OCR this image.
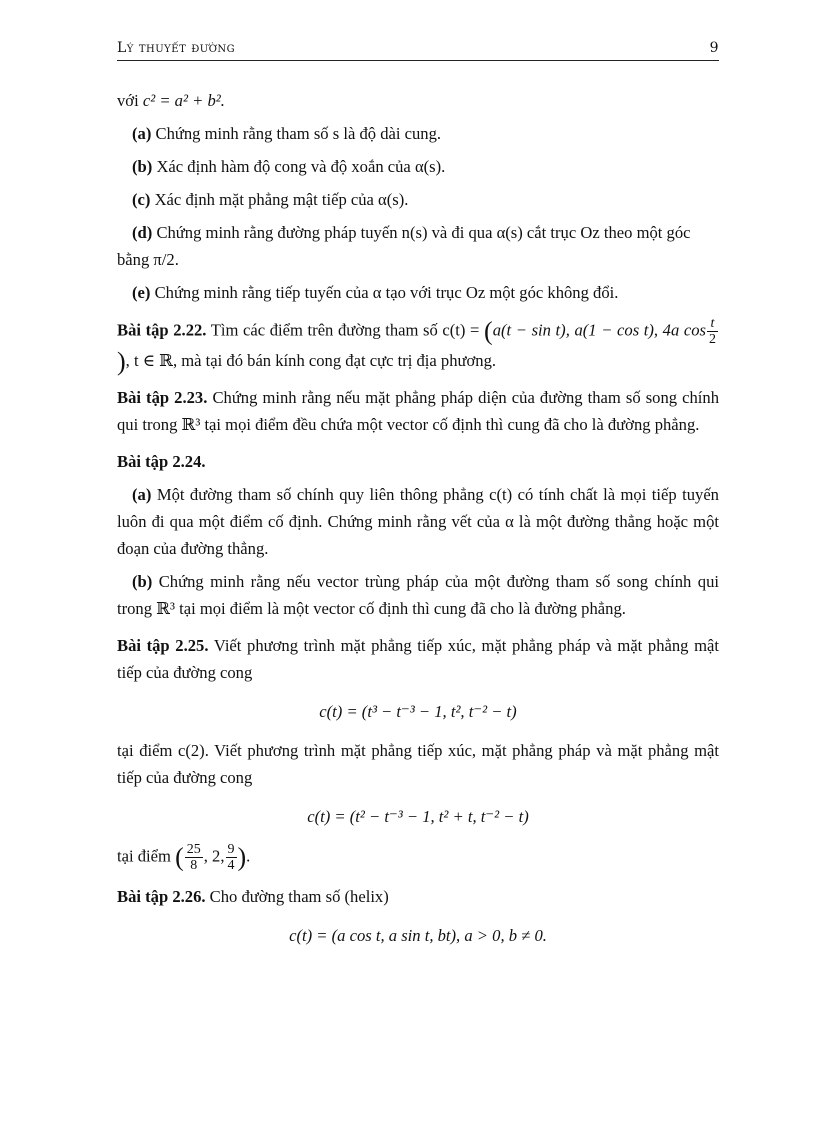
Lý thuyết đường	9

với c² = a² + b².

(a) Chứng minh rằng tham số s là độ dài cung.

(b) Xác định hàm độ cong và độ xoắn của α(s).

(c) Xác định mặt phẳng mật tiếp của α(s).

(d) Chứng minh rằng đường pháp tuyến n(s) và đi qua α(s) cắt trục Oz theo một góc bằng π/2.

(e) Chứng minh rằng tiếp tuyến của α tạo với trục Oz một góc không đổi.

Bài tập 2.22. Tìm các điểm trên đường tham số c(t) = (a(t − sin t), a(1 − cos t), 4a $\cos \frac{t}{2}$
), t ∈ ℝ, mà tại đó bán kính cong đạt cực trị địa phương.

Bài tập 2.23. Chứng minh rằng nếu mặt phẳng pháp diện của đường tham số song chính qui trong ℝ³ tại mọi điểm đều chứa một vector cố định thì cung đã cho là đường phẳng.

Bài tập 2.24.

(a) Một đường tham số chính quy liên thông phẳng c(t) có tính chất là mọi tiếp tuyến luôn đi qua một điểm cố định. Chứng minh rằng vết của α là một đường thẳng hoặc một đoạn của đường thẳng.

(b) Chứng minh rằng nếu vector trùng pháp của một đường tham số song chính qui trong ℝ³ tại mọi điểm là một vector cố định thì cung đã cho là đường phẳng.

Bài tập 2.25. Viết phương trình mặt phẳng tiếp xúc, mặt phẳng pháp và mặt phẳng mật tiếp của đường cong

c(t) = (t³ − t⁻³ − 1, t², t⁻² − t)

tại điểm c(2). Viết phương trình mặt phẳng tiếp xúc, mặt phẳng pháp và mặt phẳng mật tiếp của đường cong

c(t) = (t² − t⁻³ − 1, t² + t, t⁻² − t)

tại điểm ( $\frac{25}{8}$ , 2, $\frac{9}{4}$ ).

Bài tập 2.26. Cho đường tham số (helix)

c(t) = (a cos t, a sin t, bt), a > 0, b ≠ 0.
